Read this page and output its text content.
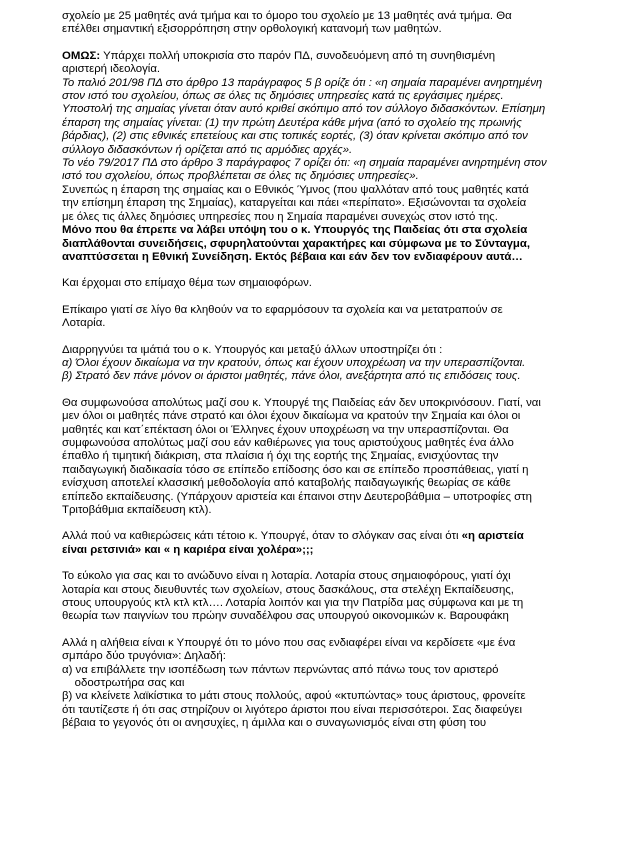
σχολείο με 25 μαθητές ανά τμήμα και το όμορο του σχολείο με 13 μαθητές ανά τμήμα. Θα
επέλθει σημαντική εξισορρόπηση στην ορθολογική κατανομή των μαθητών.
ΟΜΩΣ: Υπάρχει πολλή υποκρισία στο παρόν ΠΔ, συνοδευόμενη από τη συνηθισμένη
αριστερή ιδεολογία.
Το παλιό 201/98 ΠΔ στο άρθρο 13 παράγραφος 5 β ορίζε ότι : «η σημαία παραμένει ανηρτημένη
στον ιστό του σχολείου, όπως σε όλες τις δημόσιες υπηρεσίες κατά τις εργάσιμες ημέρες.
Υποστολή της σημαίας γίνεται όταν αυτό κριθεί σκόπιμο από τον σύλλογο διδασκόντων. Επίσημη
έπαρση της σημαίας γίνεται: (1) την πρώτη Δευτέρα κάθε μήνα (από το σχολείο της πρωινής
βάρδιας), (2) στις εθνικές επετείους και στις τοπικές εορτές, (3) όταν κρίνεται σκόπιμο από τον
σύλλογο διδασκόντων ή ορίζεται από τις αρμόδιες αρχές».
Το νέο 79/2017 ΠΔ στο άρθρο 3 παράγραφος 7 ορίζει ότι: «η σημαία παραμένει ανηρτημένη στον
ιστό του σχολείου, όπως προβλέπεται σε όλες τις δημόσιες υπηρεσίες».
Συνεπώς η έπαρση της σημαίας και ο Εθνικός Ύμνος (που ψαλλόταν από τους μαθητές κατά
την επίσημη έπαρση της Σημαίας), καταργείται και πάει «περίπατο». Εξισώνονται τα σχολεία
με όλες τις άλλες δημόσιες υπηρεσίες που η Σημαία παραμένει συνεχώς στον ιστό της.
Μόνο που θα έπρεπε να λάβει υπόψη του ο κ. Υπουργός της Παιδείας ότι στα σχολεία
διαπλάθονται συνειδήσεις, σφυρηλατούνται χαρακτήρες και σύμφωνα με το Σύνταγμα,
αναπτύσσεται η Εθνική Συνείδηση. Εκτός βέβαια και εάν δεν τον ενδιαφέρουν αυτά…
Και έρχομαι στο επίμαχο θέμα των σημαιοφόρων.
Επίκαιρο γιατί σε λίγο θα κληθούν να το εφαρμόσουν τα σχολεία και να μετατραπούν σε
Λοταρία.
Διαρρηγνύει τα ιμάτιά του ο κ. Υπουργός και μεταξύ άλλων υποστηρίζει ότι :
α) Όλοι έχουν δικαίωμα να την κρατούν, όπως και έχουν υποχρέωση να την υπερασπίζονται.
β) Στρατό δεν πάνε μόνον οι άριστοι μαθητές, πάνε όλοι, ανεξάρτητα από τις επιδόσεις τους.
Θα συμφωνούσα απολύτως μαζί σου κ. Υπουργέ της Παιδείας εάν δεν υποκρινόσουν. Γιατί, ναι
μεν όλοι οι μαθητές πάνε στρατό και όλοι έχουν δικαίωμα να κρατούν την Σημαία και όλοι οι
μαθητές και κατ΄επέκταση όλοι οι Έλληνες έχουν υποχρέωση να την υπερασπίζονται. Θα
συμφωνούσα απολύτως μαζί σου εάν καθιέρωνες για τους αριστούχους μαθητές ένα άλλο
έπαθλο ή τιμητική διάκριση, στα πλαίσια ή όχι της εορτής της Σημαίας, ενισχύοντας την
παιδαγωγική διαδικασία τόσο σε επίπεδο επίδοσης όσο και σε επίπεδο προσπάθειας, γιατί η
ενίσχυση αποτελεί κλασσική μεθοδολογία από καταβολής παιδαγωγικής θεωρίας σε κάθε
επίπεδο εκπαίδευσης. (Υπάρχουν αριστεία και έπαινοι στην Δευτεροβάθμια – υποτροφίες στη
Τριτοβάθμια εκπαίδευση κτλ).
Αλλά πού να καθιερώσεις κάτι τέτοιο κ. Υπουργέ, όταν το σλόγκαν σας είναι ότι «η αριστεία
είναι ρετσινιά» και « η καριέρα είναι χολέρα»;;;
Το εύκολο για σας και το ανώδυνο είναι η λοταρία. Λοταρία στους σημαιοφόρους, γιατί όχι
λοταρία και στους διευθυντές των σχολείων, στους δασκάλους, στα στελέχη Εκπαίδευσης,
στους υπουργούς κτλ κτλ κτλ…. Λοταρία λοιπόν και για την Πατρίδα μας σύμφωνα και με τη
θεωρία των παιγνίων του πρώην συναδέλφου σας υπουργού οικονομικών κ. Βαρουφάκη
Αλλά η αλήθεια είναι κ Υπουργέ ότι το μόνο που σας ενδιαφέρει είναι να κερδίσετε «με ένα
σμπάρο δύο τρυγόνια»: Δηλαδή:
α) να επιβάλλετε την ισοπέδωση των πάντων περνώντας από πάνω τους τον αριστερό
οδοστρωτήρα σας και
β) να κλείνετε λαϊκίστικα το μάτι στους πολλούς, αφού «κτυπώντας» τους άριστους, φρονείτε
ότι ταυτίζεστε ή ότι σας στηρίζουν οι λιγότερο άριστοι που είναι περισσότεροι. Σας διαφεύγει
βέβαια το γεγονός ότι οι ανησυχίες, η άμιλλα και ο συναγωνισμός είναι στη φύση του
